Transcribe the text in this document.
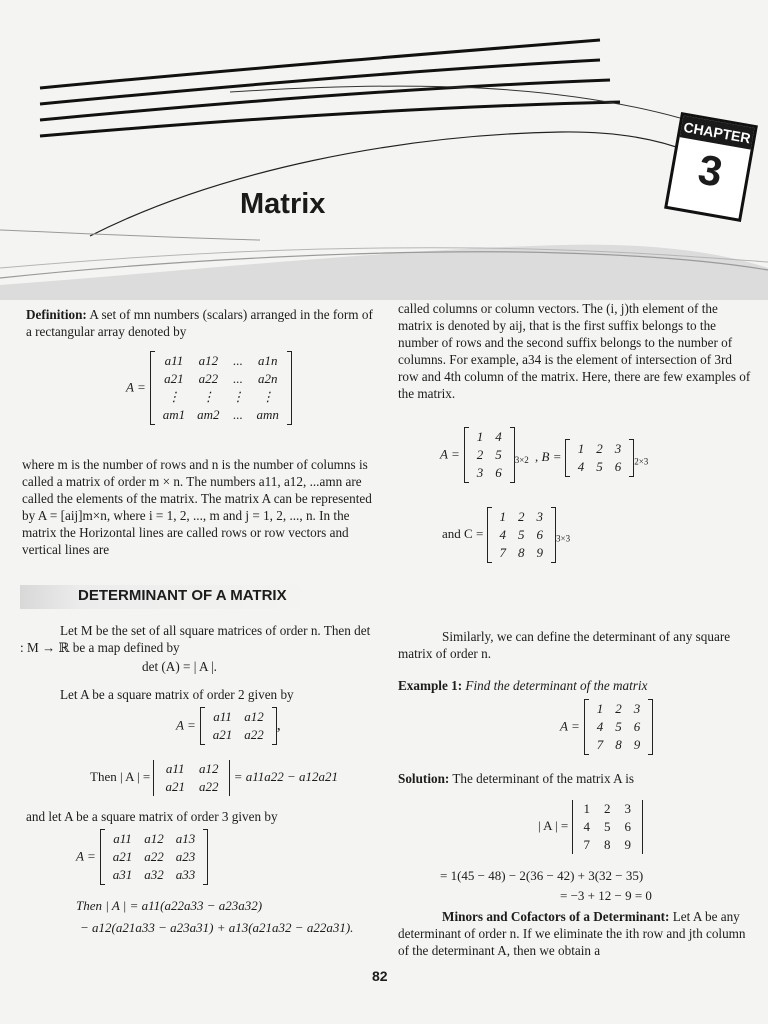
Matrix
CHAPTER
3
Definition: A set of mn numbers (scalars) arranged in the form of a rectangular array denoted by
A =
a11	a12	...	a1n
a21	a22	...	a2n
⋮	⋮	⋮	⋮
am1	am2	...	amn
where m is the number of rows and n is the number of columns is called a matrix of order m × n. The numbers a11, a12, ...amn are called the elements of the matrix. The matrix A can be represented by A = [aij]m×n, where i = 1, 2, ..., m and j = 1, 2, ..., n. In the matrix the Horizontal lines are called rows or row vectors and vertical lines are
called columns or column vectors. The (i, j)th element of the matrix is denoted by aij, that is the first suffix belongs to the number of rows and the second suffix belongs to the number of columns. For example, a34 is the element of intersection of 3rd row and 4th column of the matrix. Here, there are few examples of the matrix.
A =
1	4
2	5
3	6
$_{3\times 2}$ , B =
1	2	3
4	5	6 $_{2\times 3}$
and C =
1	2	3
4	5	6
7	8	9
$_{3\times 3}$
DETERMINANT OF A MATRIX
Let M be the set of all square matrices of order n. Then det : M → ℝ be a map defined by
det (A) = | A |.
Let A be a square matrix of order 2 given by
A =
a11	a12
a21	a22
,
Then | A | =
a11	a12
a21	a22
= a11a22 − a12a21
and let A be a square matrix of order 3 given by
A =
a11	a12	a13
a21	a22	a23
a31	a32	a33
Then | A | = a11(a22a33 − a23a32)
− a12(a21a33 − a23a31) + a13(a21a32 − a22a31).
Similarly, we can define the determinant of any square matrix of order n.
Example 1: Find the determinant of the matrix
A =
1	2	3
4	5	6
7	8	9
Solution: The determinant of the matrix A is
| A | =
1	2	3
4	5	6
7	8	9
= 1(45 − 48) − 2(36 − 42) + 3(32 − 35)
= −3 + 12 − 9 = 0
Minors and Cofactors of a Determinant: Let A be any determinant of order n. If we eliminate the ith row and jth column of the determinant A, then we obtain a
82
